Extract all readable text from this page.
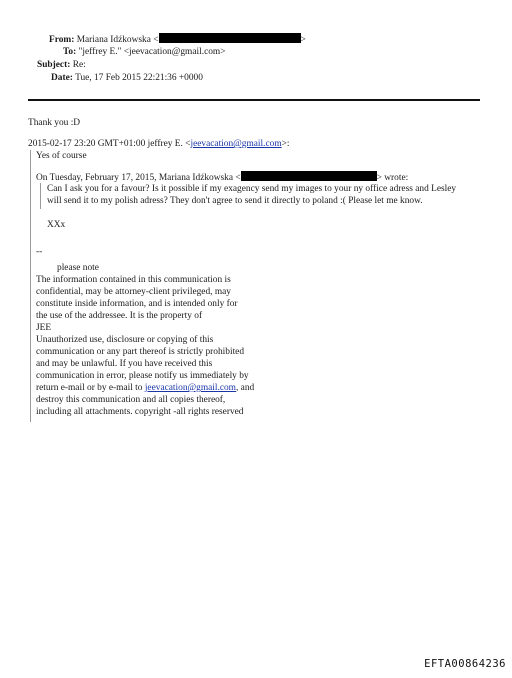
From: Mariana Idźkowska <	>
To: "jeffrey E." <jeevacation@gmail.com>
Subject: Re:
Date: Tue, 17 Feb 2015 22:21:36 +0000
Thank you :D
2015-02-17 23:20 GMT+01:00 jeffrey E. <jeevacation@gmail.com>:
Yes of course
On Tuesday, February 17, 2015, Mariana Idźkowska <	> wrote:
Can I ask you for a favour? Is it possible if my exagency send my images to your ny office adress and Lesley
will send it to my polish adress? They don't agree to send it directly to poland :( Please let me know.
XXx
--
please note
The information contained in this communication is
confidential, may be attorney-client privileged, may
constitute inside information, and is intended only for
the use of the addressee. It is the property of
JEE
Unauthorized use, disclosure or copying of this
communication or any part thereof is strictly prohibited
and may be unlawful. If you have received this
communication in error, please notify us immediately by
return e-mail or by e-mail to jeevacation@gmail.com, and
destroy this communication and all copies thereof,
including all attachments. copyright -all rights reserved
EFTA00864236
